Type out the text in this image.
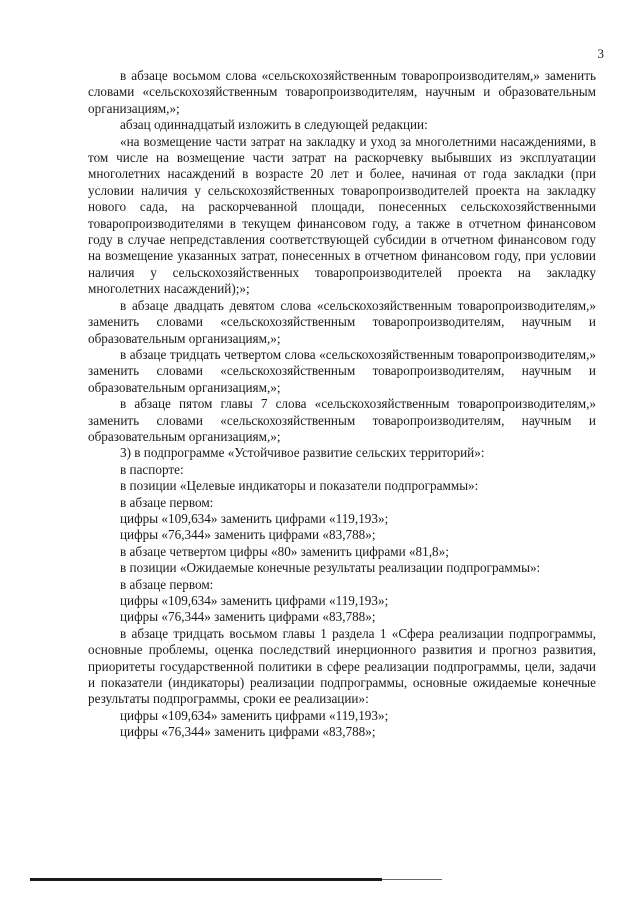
3

в абзаце восьмом слова «сельскохозяйственным товаропроизводителям,» заменить словами «сельскохозяйственным товаропроизводителям, научным и образовательным организациям,»;

абзац одиннадцатый изложить в следующей редакции:

«на возмещение части затрат на закладку и уход за многолетними насаждениями, в том числе на возмещение части затрат на раскорчевку выбывших из эксплуатации многолетних насаждений в возрасте 20 лет и более, начиная от года закладки (при условии наличия у сельскохозяйственных товаропроизводителей проекта на закладку нового сада, на раскорчеванной площади, понесенных сельскохозяйственными товаропроизводителями в текущем финансовом году, а также в отчетном финансовом году в случае непредставления соответствующей субсидии в отчетном финансовом году на возмещение указанных затрат, понесенных в отчетном финансовом году, при условии наличия у сельскохозяйственных товаропроизводителей проекта на закладку многолетних насаждений);»;

в абзаце двадцать девятом слова «сельскохозяйственным товаропроизводителям,» заменить словами «сельскохозяйственным товаропроизводителям, научным и образовательным организациям,»;

в абзаце тридцать четвертом слова «сельскохозяйственным товаропроизводителям,» заменить словами «сельскохозяйственным товаропроизводителям, научным и образовательным организациям,»;

в абзаце пятом главы 7 слова «сельскохозяйственным товаропроизводителям,» заменить словами «сельскохозяйственным товаропроизводителям, научным и образовательным организациям,»;

3) в подпрограмме «Устойчивое развитие сельских территорий»:

в паспорте:

в позиции «Целевые индикаторы и показатели подпрограммы»:

в абзаце первом:

цифры «109,634» заменить цифрами «119,193»;

цифры «76,344» заменить цифрами «83,788»;

в абзаце четвертом цифры «80» заменить цифрами «81,8»;

в позиции «Ожидаемые конечные результаты реализации подпрограммы»:

в абзаце первом:

цифры «109,634» заменить цифрами «119,193»;

цифры «76,344» заменить цифрами «83,788»;

в абзаце тридцать восьмом главы 1 раздела 1 «Сфера реализации подпрограммы, основные проблемы, оценка последствий инерционного развития и прогноз развития, приоритеты государственной политики в сфере реализации подпрограммы, цели, задачи и показатели (индикаторы) реализации подпрограммы, основные ожидаемые конечные результаты подпрограммы, сроки ее реализации»:

цифры «109,634» заменить цифрами «119,193»;

цифры «76,344» заменить цифрами «83,788»;
